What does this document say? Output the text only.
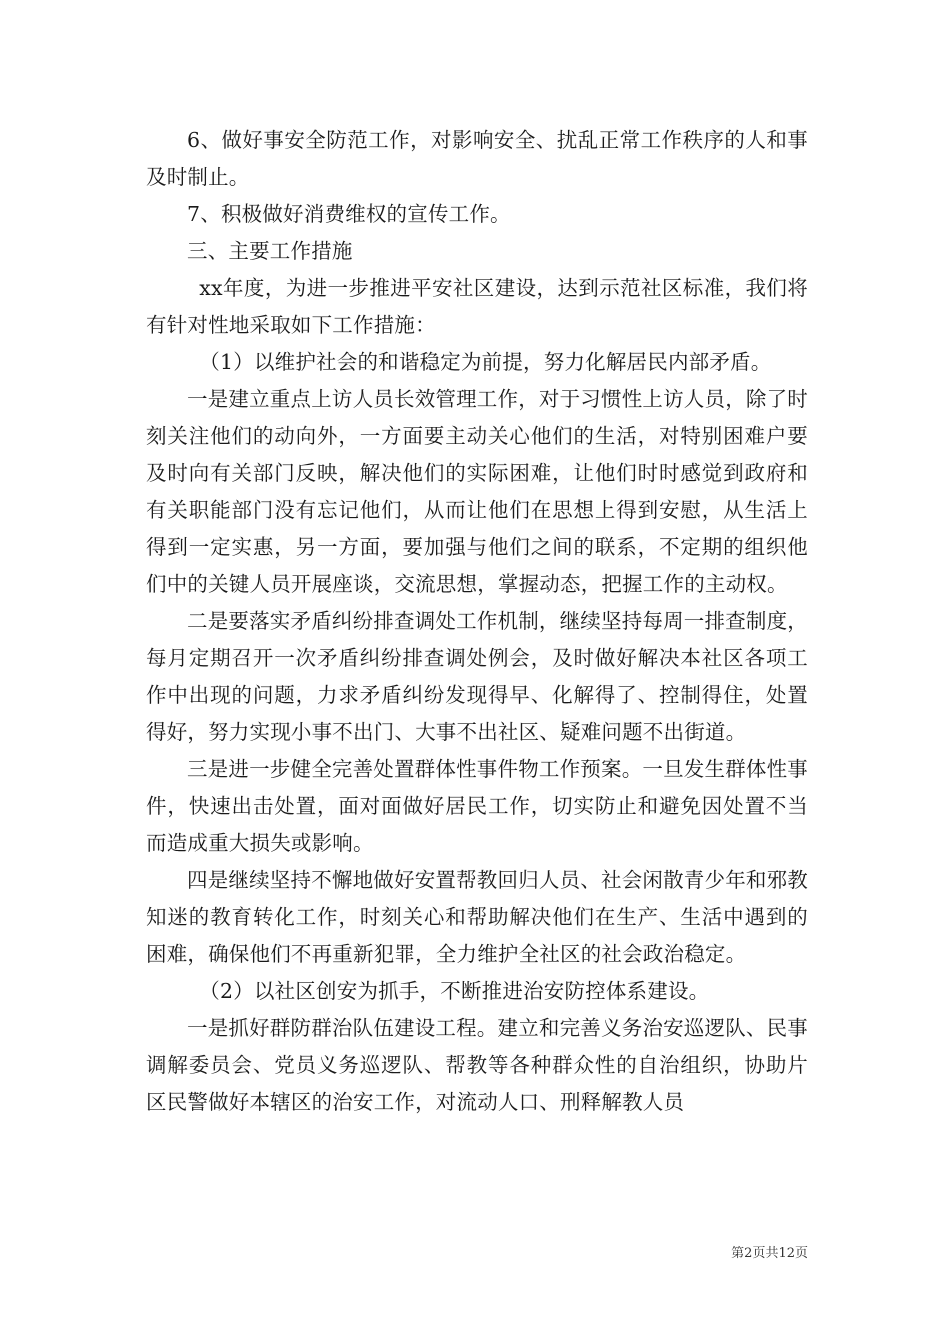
6、做好事安全防范工作，对影响安全、扰乱正常工作秩序的人和事及时制止。

7、积极做好消费维权的宣传工作。

三、主要工作措施

xx年度，为进一步推进平安社区建设，达到示范社区标准，我们将有针对性地采取如下工作措施：

（1）以维护社会的和谐稳定为前提，努力化解居民内部矛盾。

一是建立重点上访人员长效管理工作，对于习惯性上访人员，除了时刻关注他们的动向外，一方面要主动关心他们的生活，对特别困难户要及时向有关部门反映，解决他们的实际困难，让他们时时感觉到政府和有关职能部门没有忘记他们，从而让他们在思想上得到安慰，从生活上得到一定实惠，另一方面，要加强与他们之间的联系，不定期的组织他们中的关键人员开展座谈，交流思想，掌握动态，把握工作的主动权。

二是要落实矛盾纠纷排查调处工作机制，继续坚持每周一排查制度，每月定期召开一次矛盾纠纷排查调处例会，及时做好解决本社区各项工作中出现的问题，力求矛盾纠纷发现得早、化解得了、控制得住，处置得好，努力实现小事不出门、大事不出社区、疑难问题不出街道。

三是进一步健全完善处置群体性事件物工作预案。一旦发生群体性事件，快速出击处置，面对面做好居民工作，切实防止和避免因处置不当而造成重大损失或影响。

四是继续坚持不懈地做好安置帮教回归人员、社会闲散青少年和邪教知迷的教育转化工作，时刻关心和帮助解决他们在生产、生活中遇到的困难，确保他们不再重新犯罪，全力维护全社区的社会政治稳定。

（2）以社区创安为抓手，不断推进治安防控体系建设。

一是抓好群防群治队伍建设工程。建立和完善义务治安巡逻队、民事调解委员会、党员义务巡逻队、帮教等各种群众性的自治组织，协助片区民警做好本辖区的治安工作，对流动人口、刑释解教人员

第2页共12页
